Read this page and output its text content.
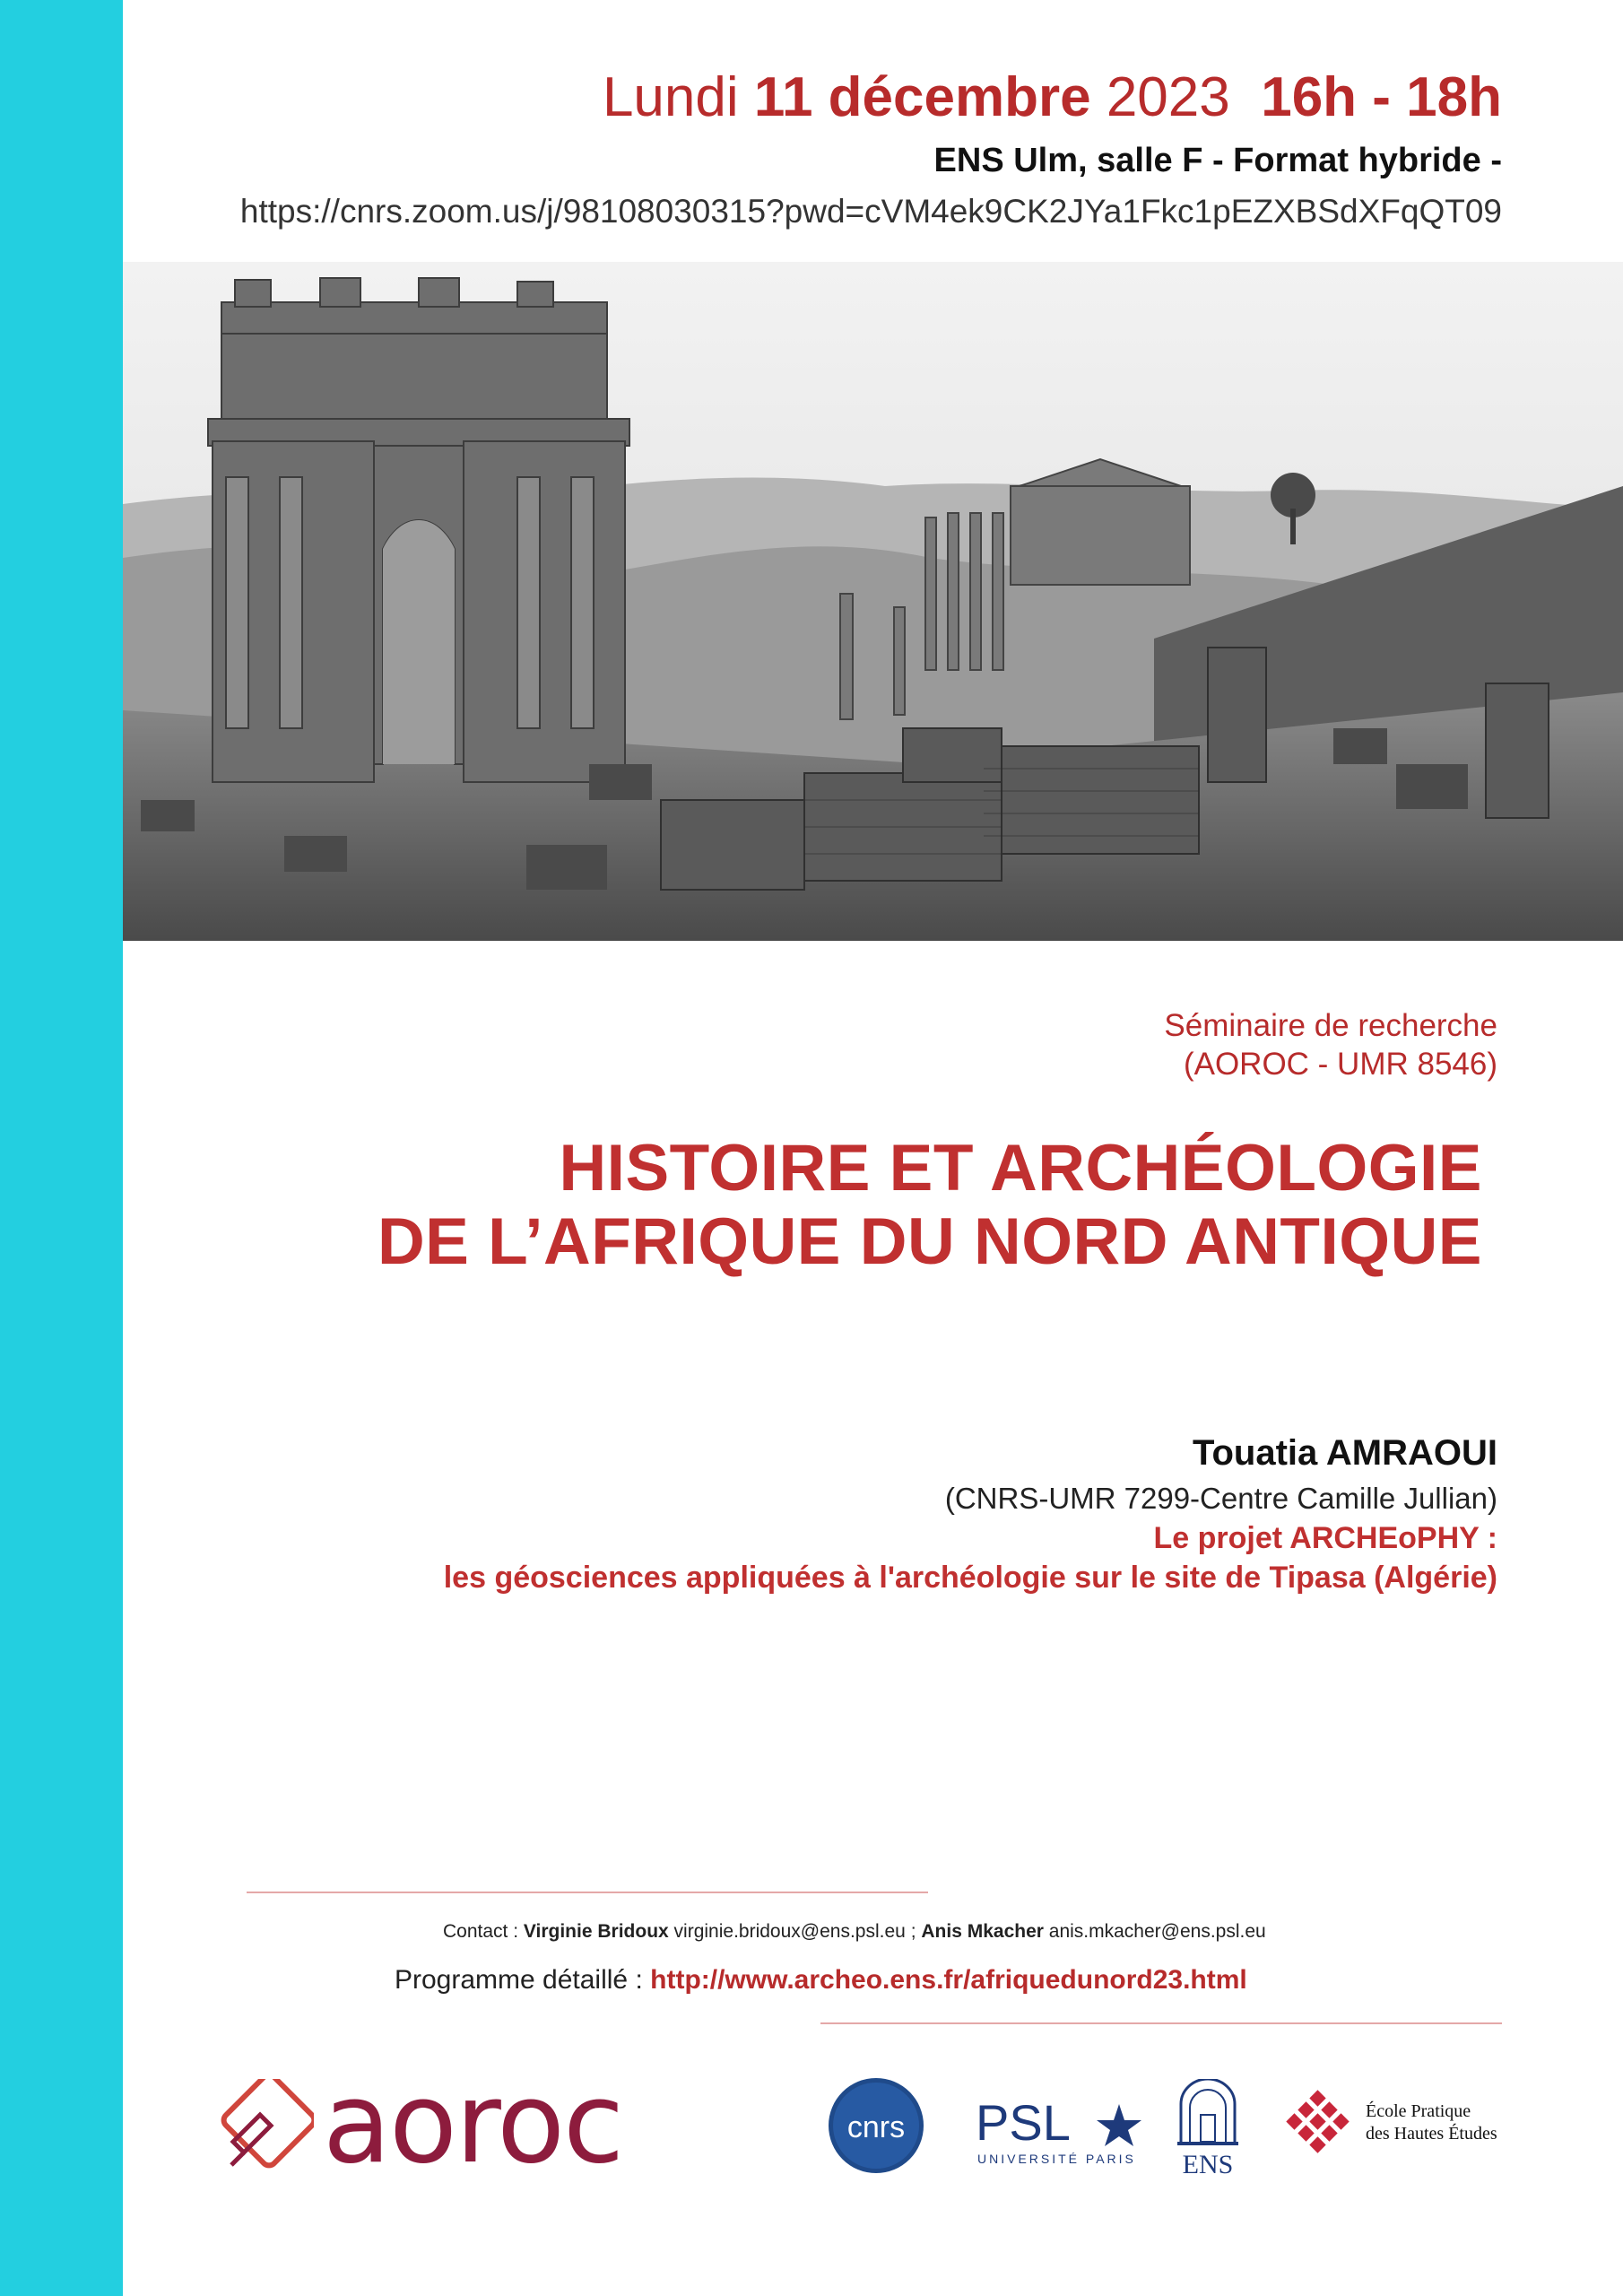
Lundi 11 décembre 2023 16h - 18h
ENS Ulm, salle F - Format hybride -
https://cnrs.zoom.us/j/98108030315?pwd=cVM4ek9CK2JYa1Fkc1pEZXBSdXFqQT09
Séminaire de recherche
(AOROC - UMR 8546)
HISTOIRE ET ARCHÉOLOGIE
DE L’AFRIQUE DU NORD ANTIQUE
Touatia AMRAOUI
(CNRS-UMR 7299-Centre Camille Jullian)
Le projet ARCHEoPHY :
les géosciences appliquées à l'archéologie sur le site de Tipasa (Algérie)
Contact : Virginie Bridoux virginie.bridoux@ens.psl.eu ; Anis Mkacher anis.mkacher@ens.psl.eu
Programme détaillé : http://www.archeo.ens.fr/afriquedunord23.html
aoroc	cnrs PSL
UNIVERSITÉ PARIS ENS
École Pratique
des Hautes Études
